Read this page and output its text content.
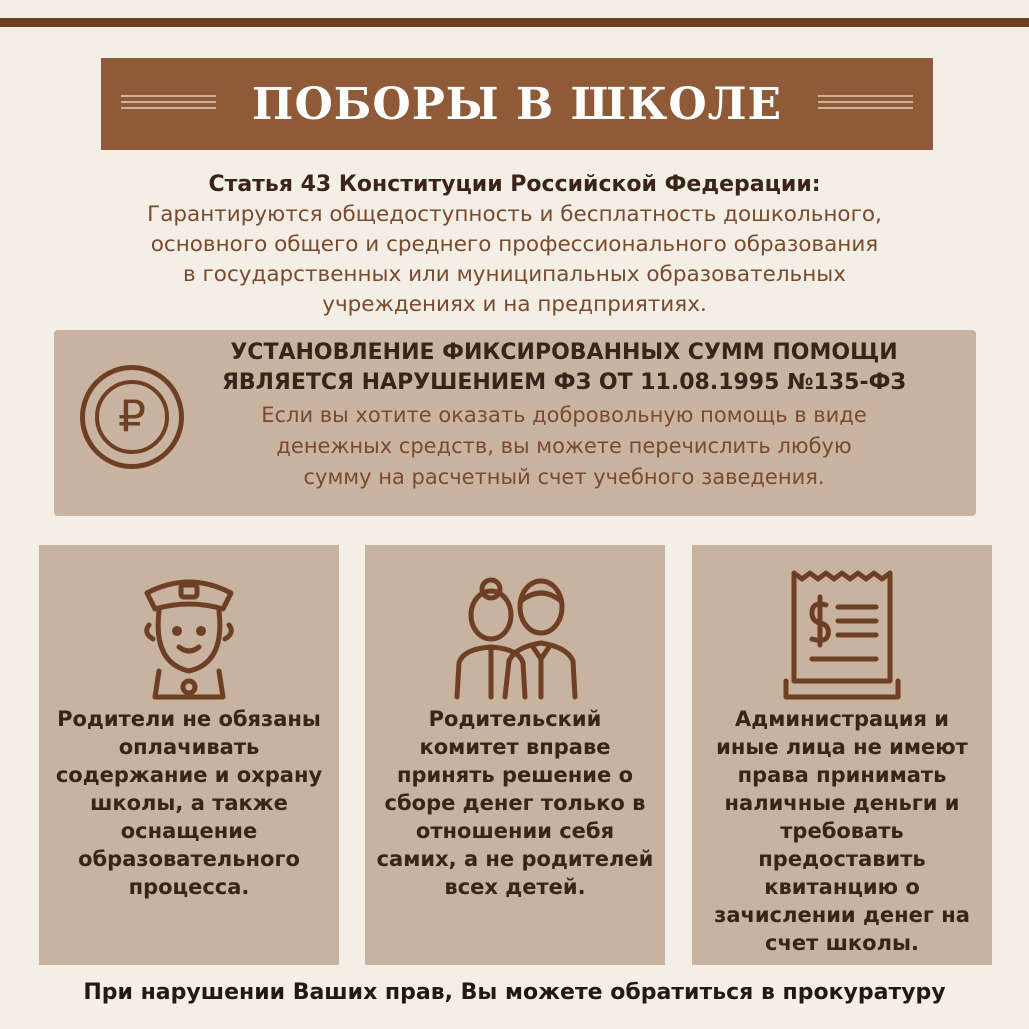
ПОБОРЫ В ШКОЛЕ
Статья 43 Конституции Российской Федерации:
Гарантируются общедоступность и бесплатность дошкольного,
основного общего и среднего профессионального образования
в государственных или муниципальных образовательных
учреждениях и на предприятиях.
₽
УСТАНОВЛЕНИЕ ФИКСИРОВАННЫХ СУММ ПОМОЩИ
ЯВЛЯЕТСЯ НАРУШЕНИЕМ ФЗ ОТ 11.08.1995 №135-ФЗ
Если вы хотите оказать добровольную помощь в виде
денежных средств, вы можете перечислить любую
сумму на расчетный счет учебного заведения.
Родители не обязаны
оплачивать
содержание и охрану
школы, а также
оснащение
образовательного
процесса.
Родительский
комитет вправе
принять решение о
сборе денег только в
отношении себя
самих, а не родителей
всех детей.
Администрация и
иные лица не имеют
права принимать
наличные деньги и
требовать
предоставить
квитанцию о
зачислении денег на
счет школы.
При нарушении Ваших прав, Вы можете обратиться в прокуратуру
